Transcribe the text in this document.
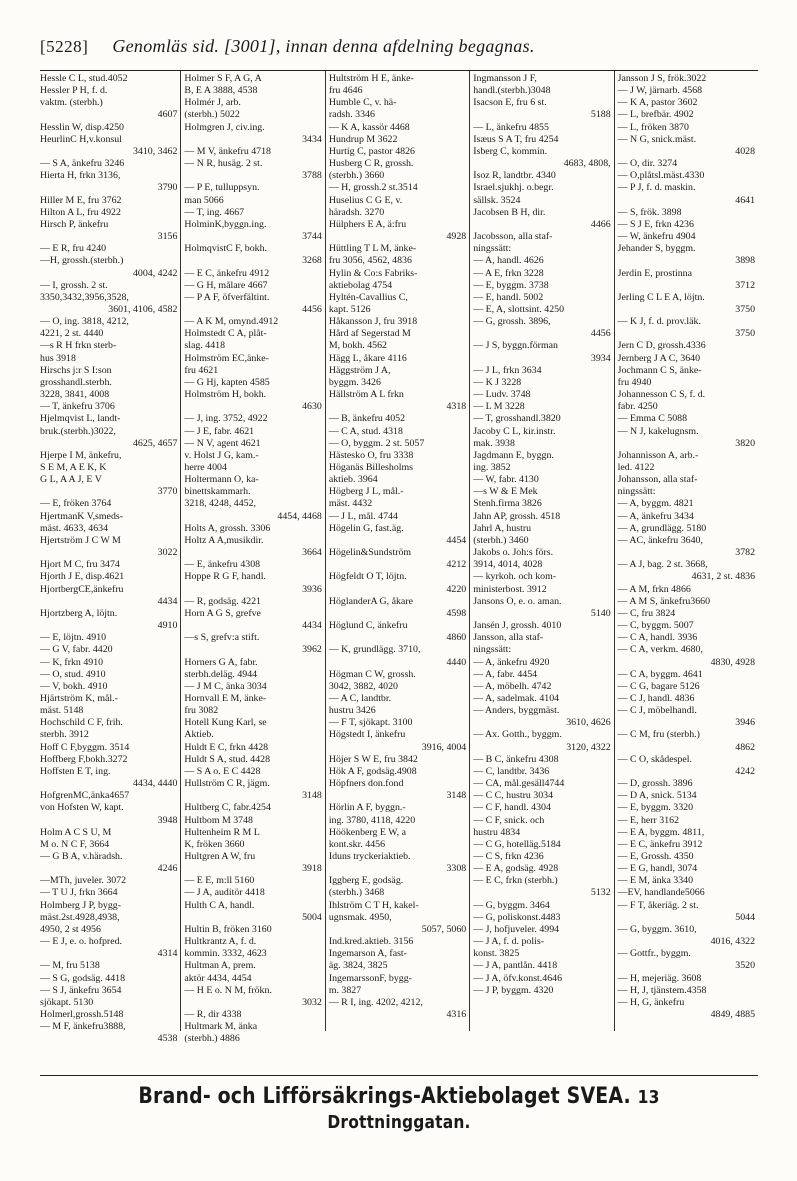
[5228] Genomläs sid. [3001], innan denna afdelning begagnas.
Hessle C L, stud.4052
Hessler P H, f. d.
vaktm. (sterbh.)
4607
Hesslin W, disp.4250
HeurlinC H,v.konsul
3410, 3462
— S A, änkefru 3246
Hierta H, frkn 3136,
3790
Hiller M E, fru 3762
Hilton A L, fru 4922
Hirsch P, änkefru
3156
— E R, fru 4240
—H, grossh.(sterbh.)
4004, 4242
— I, grossh. 2 st.
3350,3432,3956,3528,
3601, 4106, 4582
— O, ing. 3818, 4212,
4221, 2 st. 4440
—s R H frkn sterb-
hus 3918
Hirschs j:r S I:son
grosshandl.sterbh.
3228, 3841, 4008
— T, änkefru 3706
Hjelmqvist L, landt-
bruk.(sterbh.)3022,
4625, 4657
Hjerpe I M, änkefru,
S E M, A E K, K
G L, A A J, E V
3770
— E, fröken 3764
HjertmanK V,smeds-
mäst. 4633, 4634
Hjertström J C W M
3022
Hjort M C, fru 3474
Hjorth J E, disp.4621
HjortbergCE,änkefru
4434
Hjortzberg A, löjtn.
4910
— E, löjtn. 4910
— G V, fabr. 4420
— K, frkn 4910
— O, stud. 4910
— V, bokh. 4910
Hjärtström K, mål.-
mäst. 5148
Hochschild C F, frih.
sterbh. 3912
Hoff C F,byggm. 3514
Hoffberg F,bokh.3272
Hoffsten E T, ing.
4434, 4440
HofgrenMC,änka4657
von Hofsten W, kapt.
3948
Holm A C S U, M
M o. N C F, 3664
— G B A, v.häradsh.
4246
—MTh, juveler. 3072
— T U J, frkn 3664
Holmberg J P, bygg-
mäst.2st.4928,4938,
4950, 2 st 4956
— E J, e. o. hofpred.
4314
— M, fru 5138
— S G, godsäg. 4418
— S J, änkefru 3654
sjökapt. 5130
Holmerl,grossh.5148
— M F, änkefru3888,
4538
Holmer S F, A G, A
B, E A 3888, 4538
Holmér J, arb.
(sterbh.) 5022
Holmgren J, civ.ing.
3434
— M V, änkefru 4718
— N R, husäg. 2 st.
3788
— P E, tulluppsyn.
man 5066
— T, ing. 4667
HolminK,byggn.ing.
3744
HolmqvistC F, bokh.
3268
— E C, änkefru 4912
— G H, målare 4667
— P A F, öfverfältint.
4456
— A K M, omynd.4912
Holmstedt C A, plåt-
slag. 4418
Holmström EC,änke-
fru 4621
— G Hj, kapten 4585
Holmström H, bokh.
4630
— J, ing. 3752, 4922
— J E, fabr. 4621
— N V, agent 4621
v. Holst J G, kam.-
herre 4004
Holtermann O, ka-
binettskammarh.
3218, 4248, 4452,
4454, 4468
Holts A, grossh. 3306
Holtz A A,musikdir.
3664
— E, änkefru 4308
Hoppe R G F, handl.
3936
— R, godsäg. 4221
Horn A G S, grefve
4434
—s S, grefv:a stift.
3962
Horners G A, fabr.
sterbh.deläg. 4944
— J M C, änka 3034
Hornvall E M, änke-
fru 3082
Hotell Kung Karl, se
Aktieb.
Huldt E C, frkn 4428
Huldt S A, stud. 4428
— S A o. E C 4428
Hullström C R, jägm.
3148
Hultberg C, fabr.4254
Hultbom M 3748
Hultenheim R M L
K, fröken 3660
Hultgren A W, fru
3918
— E E, m:ll 5160
— J A, auditör 4418
Hulth C A, handl.
5004
Hultin B, fröken 3160
Hultkrantz A, f. d.
kommin. 3332, 4623
Hultman A, prem.
aktör 4434, 4454
— H E o. N M, frökn.
3032
— R, dir 4338
Hultmark M, änka
(sterbh.) 4886
Hultström H E, änke-
fru 4646
Humble C, v. hä-
radsh. 3346
— K A, kassör 4468
Hundrup M 3622
Hurtig C, pastor 4826
Husberg C R, grossh.
(sterbh.) 3660
— H, grossh.2 st.3514
Huselius C G E, v.
häradsh. 3270
Hülphers E A, ä:fru
4928
Hüttling T L M, änke-
fru 3056, 4562, 4836
Hylin & Co:s Fabriks-
aktiebolag 4754
Hyltén-Cavallius C,
kapt. 5126
Håkansson J, fru 3918
Hård af Segerstad M
M, bokh. 4562
Hägg L, åkare 4116
Häggström J A,
byggm. 3426
Hällström A L frkn
4318
— B, änkefru 4052
— C A, stud. 4318
— O, byggm. 2 st. 5057
Hästesko O, fru 3338
Höganäs Billesholms
aktieb. 3964
Högberg J L, mål.-
mäst. 4432
— J L, mål. 4744
Högelin G, fast.äg.
4454
Högelin&Sundström
4212
Högfeldt O T, löjtn.
4220
HöglanderA G, åkare
4598
Höglund C, änkefru
4860
— K, grundlägg. 3710,
4440
Högman C W, grossh.
3042, 3882, 4020
— A C, landtbr.
hustru 3426
— F T, sjökapt. 3100
Högstedt I, änkefru
3916, 4004
Höjer S W E, fru 3842
Hök A F, godsäg.4908
Höpfners don.fond
3148
Hörlin A F, byggn.-
ing. 3780, 4118, 4220
Höökenberg E W, a
kont.skr. 4456
Iduns tryckeriaktieb.
3308
Iggberg E, godsäg.
(sterbh.) 3468
Ihlström C T H, kakel-
ugnsmak. 4950,
5057, 5060
Ind.kred.aktieb. 3156
Ingemarson A, fast-
äg. 3824, 3825
IngemarssonF, bygg-
m. 3827
— R I, ing. 4202, 4212,
4316
Ingmansson J F,
handl.(sterbh.)3048
Isacson E, fru 6 st.
5188
— L, änkefru 4855
Isæus S A T, fru 4254
Isberg C, kommin.
4683, 4808,
Isoz R, landtbr. 4340
Israel.sjukhj. o.begr.
sällsk. 3524
Jacobsen B H, dir.
4466
Jacobsson, alla staf-
ningssätt:
— A, handl. 4626
— A E, frkn 3228
— E, byggm. 3738
— E, handl. 5002
— E, A, slottsint. 4250
— G, grossh. 3896,
4456
— J S, byggn.förman
3934
— J L, frkn 3634
— K J 3228
— Ludv. 3748
— L M 3228
— T, grosshandl.3820
Jacoby C L, kir.instr.
mak. 3938
Jagdmann E, byggn.
ing. 3852
— W, fabr. 4130
—s W & E Mek
Stenh.firma 3826
Jahn AP, grossh. 4518
Jahrl A, hustru
(sterbh.) 3460
Jakobs o. Joh:s förs.
3914, 4014, 4028
— kyrkoh. och kom-
ministerbost. 3912
Jansons O, e. o. aman.
5140
Jansén J, grossh. 4010
Jansson, alla staf-
ningssätt:
— A, änkefru 4920
— A, fabr. 4454
— A, möbelh. 4742
— A, sadelmak. 4104
— Anders, byggmäst.
3610, 4626
— Ax. Gotth., byggm.
3120, 4322
— B C, änkefru 4308
— C, landtbr. 3436
— CA, mål.gesäll4744
— C C, hustru 3034
— C F, handl. 4304
— C F, snick. och
hustru 4834
— C G, hotelläg.5184
— C S, frkn 4236
— E A, godsäg. 4928
— E C, frkn (sterbh.)
5132
— G, byggm. 3464
— G, poliskonst.4483
— J, hofjuveler. 4994
— J A, f. d. polis-
konst. 3825
— J A, pantlån. 4418
— J A, öfv.konst.4646
— J P, byggm. 4320
Jansson J S, frök.3022
— J W, järnarb. 4568
— K A, pastor 3602
— L, brefbär. 4902
— L, fröken 3870
— N G, snick.mäst.
4028
— O, dir. 3274
— O,plåtsl.mäst.4330
— P J, f. d. maskin.
4641
— S, frök. 3898
— S J E, frkn 4236
— W, änkefru 4904
Jehander S, byggm.
3898
Jerdin E, prostinna
3712
Jerling C L E A, löjtn.
3750
— K J, f. d. prov.läk.
3750
Jern C D, grossh.4336
Jernberg J A C, 3640
Jochmann C S, änke-
fru 4940
Johannesson C S, f. d.
fabr. 4250
— Emma C 5088
— N J, kakelugnsm.
3820
Johannisson A, arb.-
led. 4122
Johansson, alla staf-
ningssätt:
— A, byggm. 4821
— A, änkefru 3434
— A, grundlägg. 5180
— AC, änkefru 3640,
3782
— A J, bag. 2 st. 3668,
4631, 2 st. 4836
— A M, frkn 4866
— A M S, änkefru3660
— C, fru 3824
— C, byggm. 5007
— C A, handl. 3936
— C A, verkm. 4680,
4830, 4928
— C A, byggm. 4641
— C G, bagare 5126
— C J, handl. 4836
— C J, möbelhandl.
3946
— C M, fru (sterbh.)
4862
— C O, skådespel.
4242
— D, grossh. 3896
— D A, snick. 5134
— E, byggm. 3320
— E, herr 3162
— E A, byggm. 4811,
— E C, änkefru 3912
— E, Grossh. 4350
— E G, handl, 3074
— E M, änka 3340
—EV, handlande5066
— F T, åkeriäg. 2 st.
5044
— G, byggm. 3610,
4016, 4322
— Gottfr., byggm.
3520
— H, mejeriäg. 3608
— H, J, tjänstem.4358
— H, G, änkefru
4849, 4885
Brand- och Lifförsäkrings-Aktiebolaget SVEA. 13 Drottninggatan.
